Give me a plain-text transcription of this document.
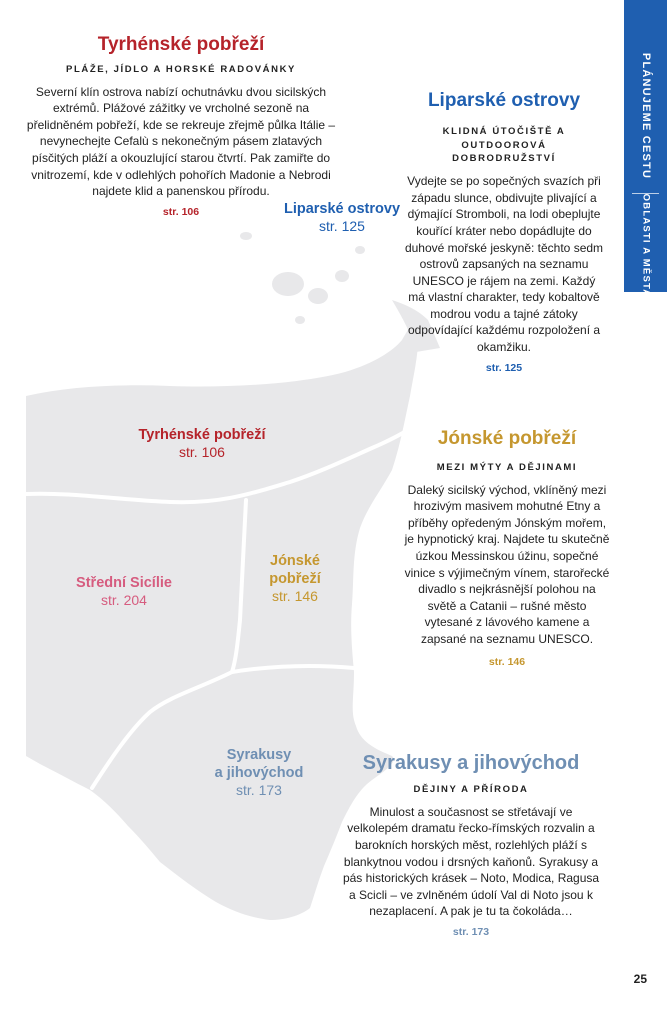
PLÁNUJEME CESTU
OBLASTI A MĚSTA
Tyrhénské pobřeží
PLÁŽE, JÍDLO A HORSKÉ RADOVÁNKY

Severní klín ostrova nabízí ochutnávku dvou sicilských extrémů. Plážové zážitky ve vrcholné sezoně na přelidněném pobřeží, kde se rekreuje zřejmě půlka Itálie – nevynechejte Cefalù s nekonečným pásem zlatavých písčitých pláží a okouzlující starou čtvrtí. Pak zamiřte do vnitrozemí, kde v odlehlých pohořích Madonie a Nebrodi najdete klid a panenskou přírodu.

str. 106
Liparské ostrovy
KLIDNÁ ÚTOČIŠTĚ A OUTDOOROVÁ DOBRODRUŽSTVÍ

Vydejte se po sopečných svazích při západu slunce, obdivujte plivající a dýmající Stromboli, na lodi obeplujte kouřící kráter nebo dopádlujte do duhové mořské jeskyně: těchto sedm ostrovů zapsaných na seznamu UNESCO je rájem na zemi. Každý má vlastní charakter, tedy kobaltově modrou vodu a tajné zátoky odpovídající každému rozpoložení a okamžiku.

str. 125
Jónské pobřeží
MEZI MÝTY A DĚJINAMI

Daleký sicilský východ, vklíněný mezi hrozivým masivem mohutné Etny a příběhy opředeným Jónským mořem, je hypnotický kraj. Najdete tu skutečně úzkou Messinskou úžinu, sopečné vinice s výjimečným vínem, starořecké divadlo s nejkrásnější polohou na světě a Catanii – rušné město vytesané z lávového kamene a zapsané na seznamu UNESCO.

str. 146
Syrakusy a jihovýchod
DĚJINY A PŘÍRODA

Minulost a současnost se střetávají ve velkolepém dramatu řecko-římských rozvalin a barokních horských měst, rozlehlých pláží s blankytnou vodou i drsných kaňonů. Syrakusy a pás historických krásek – Noto, Modica, Ragusa a Scicli – ve zvlněném údolí Val di Noto jsou k nezaplacení. A pak je tu ta čokoláda…

str. 173
Liparské ostrovy
str. 125
Tyrhénské pobřeží
str. 106
Střední Sicílie
str. 204
Jónské
pobřeží
str. 146
Syrakusy
a jihovýchod
str. 173
25
